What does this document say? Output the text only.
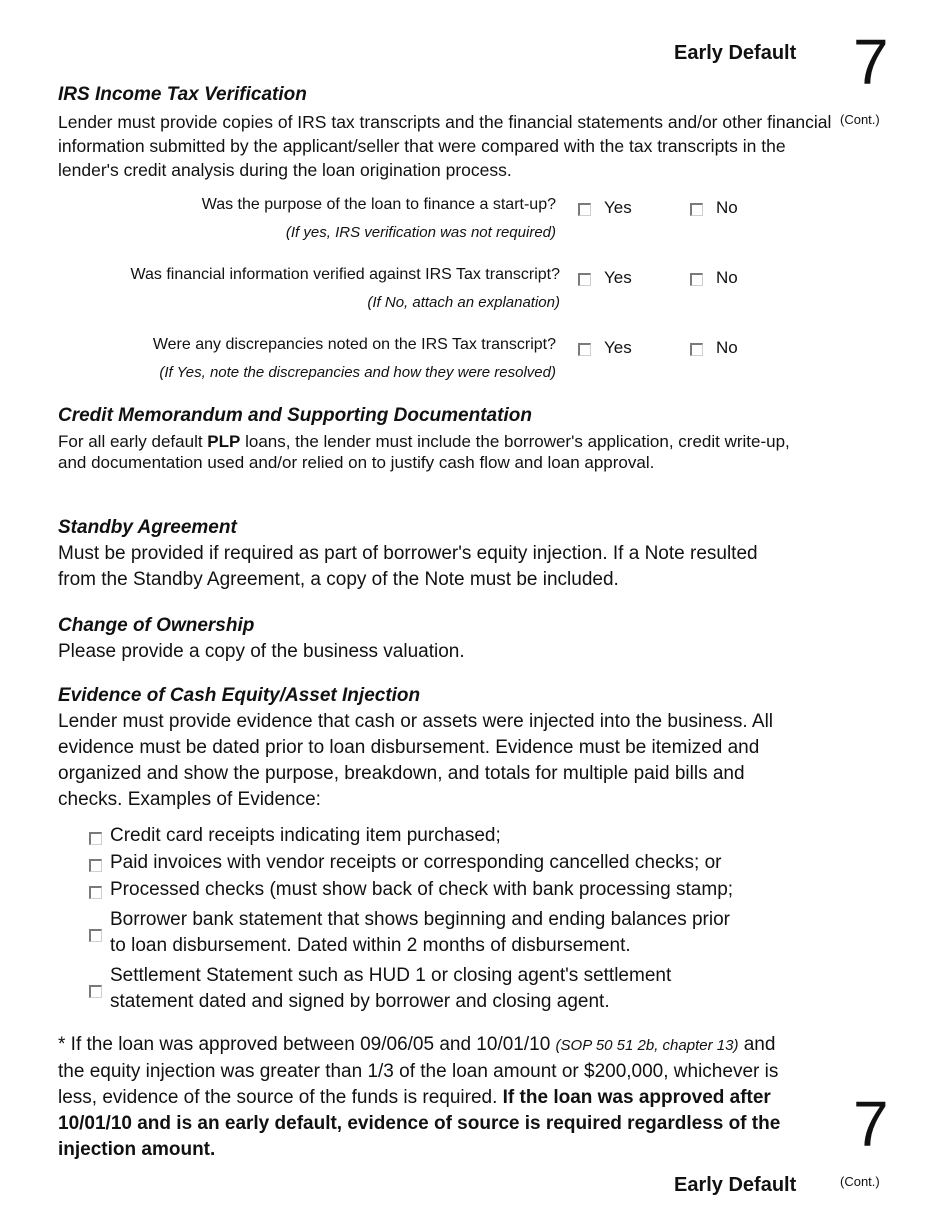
Early Default 7
(Cont.)
IRS Income Tax Verification
Lender must provide copies of IRS tax transcripts and the financial statements and/or other financial information submitted by the applicant/seller that were compared with the tax transcripts in the lender's credit analysis during the loan origination process.
Was the purpose of the loan to finance a start-up?
(If yes, IRS verification was not required)
Yes	No
Was financial information verified against IRS Tax transcript?
(If No, attach an explanation)
Yes	No
Were any discrepancies noted on the IRS Tax transcript?
(If Yes, note the discrepancies and how they were resolved)
Yes	No
Credit Memorandum and Supporting Documentation
For all early default PLP loans, the lender must include the borrower's application, credit write-up, and documentation used and/or relied on to justify cash flow and loan approval.
Standby Agreement
Must be provided if required as part of borrower's equity injection. If a Note resulted from the Standby Agreement, a copy of the Note must be included.
Change of Ownership
Please provide a copy of the business valuation.
Evidence of Cash Equity/Asset Injection
Lender must provide evidence that cash or assets were injected into the business. All evidence must be dated prior to loan disbursement. Evidence must be itemized and organized and show the purpose, breakdown, and totals for multiple paid bills and checks. Examples of Evidence:
Credit card receipts indicating item purchased;
Paid invoices with vendor receipts or corresponding cancelled checks; or
Processed checks (must show back of check with bank processing stamp;
Borrower bank statement that shows beginning and ending balances prior to loan disbursement. Dated within 2 months of disbursement.
Settlement Statement such as HUD 1 or closing agent's settlement statement dated and signed by borrower and closing agent.
* If the loan was approved between 09/06/05 and 10/01/10 (SOP 50 51 2b, chapter 13) and the equity injection was greater than 1/3 of the loan amount or $200,000, whichever is less, evidence of the source of the funds is required. If the loan was approved after 10/01/10 and is an early default, evidence of source is required regardless of the injection amount.	7
Early Default	(Cont.)
